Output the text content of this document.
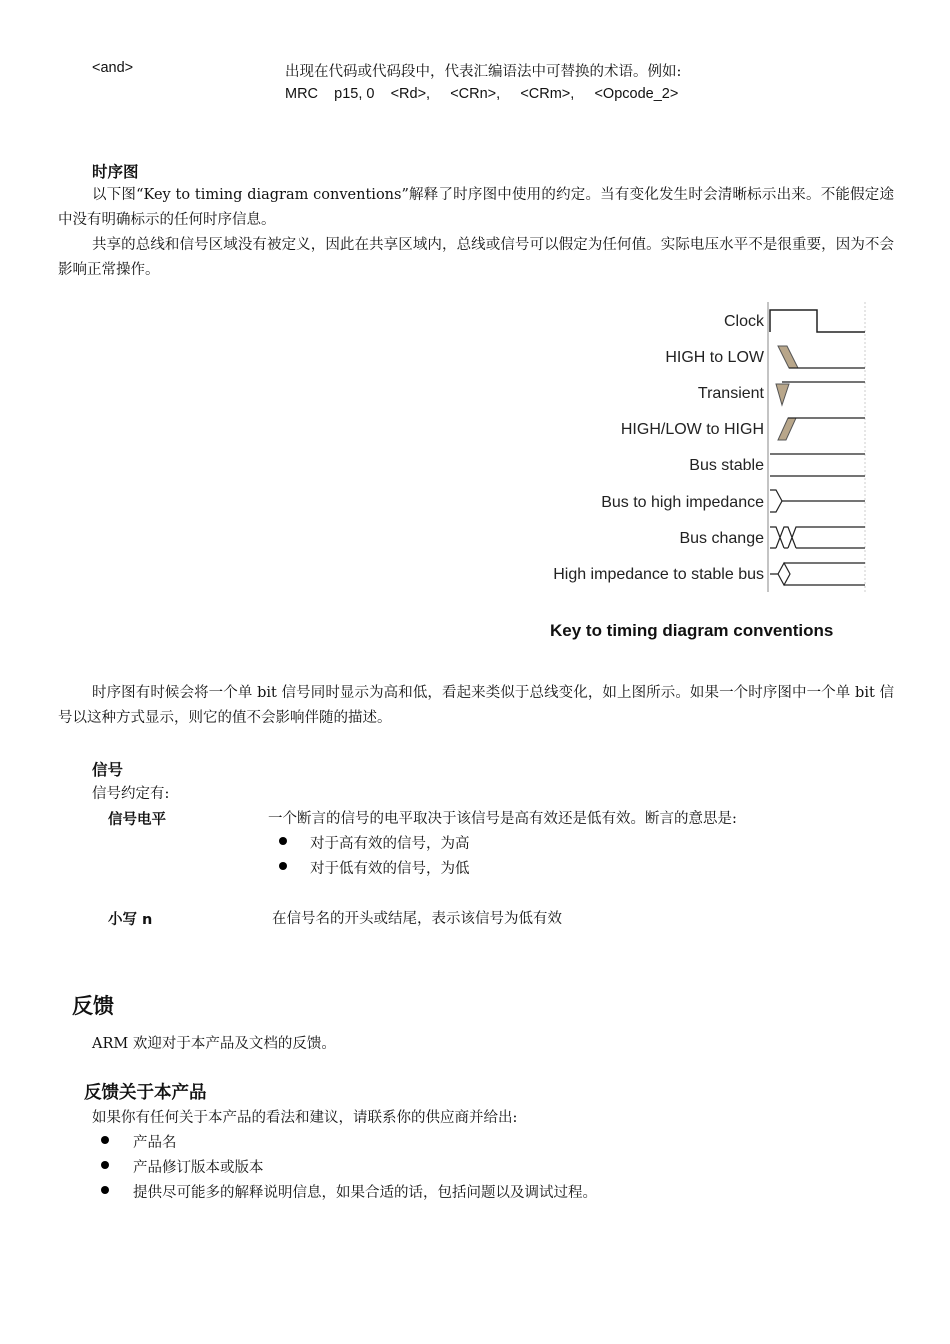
<and>	出现在代码或代码段中，代表汇编语法中可替换的术语。例如:
MRC    p15, 0    <Rd>,     <CRn>,     <CRm>,     <Opcode_2>
时序图
以下图“Key to timing diagram conventions”解释了时序图中使用的约定。当有变化发生时会清晰标示出来。不能假定途中没有明确标示的任何时序信息。
共享的总线和信号区域没有被定义，因此在共享区域内，总线或信号可以假定为任何值。实际电压水平不是很重要，因为不会影响正常操作。
Clock
HIGH to LOW
Transient
HIGH/LOW to HIGH
Bus stable
Bus to high impedance
Bus change
High impedance to stable bus
Key to timing diagram conventions
时序图有时候会将一个单 bit 信号同时显示为高和低，看起来类似于总线变化，如上图所示。如果一个时序图中一个单 bit 信号以这种方式显示，则它的值不会影响伴随的描述。
信号
信号约定有:
信号电平	一个断言的信号的电平取决于该信号是高有效还是低有效。断言的意思是:
对于高有效的信号，为高
对于低有效的信号，为低
小写 n	在信号名的开头或结尾，表示该信号为低有效
反馈
ARM 欢迎对于本产品及文档的反馈。
反馈关于本产品
如果你有任何关于本产品的看法和建议，请联系你的供应商并给出:
产品名
产品修订版本或版本
提供尽可能多的解释说明信息，如果合适的话，包括问题以及调试过程。
